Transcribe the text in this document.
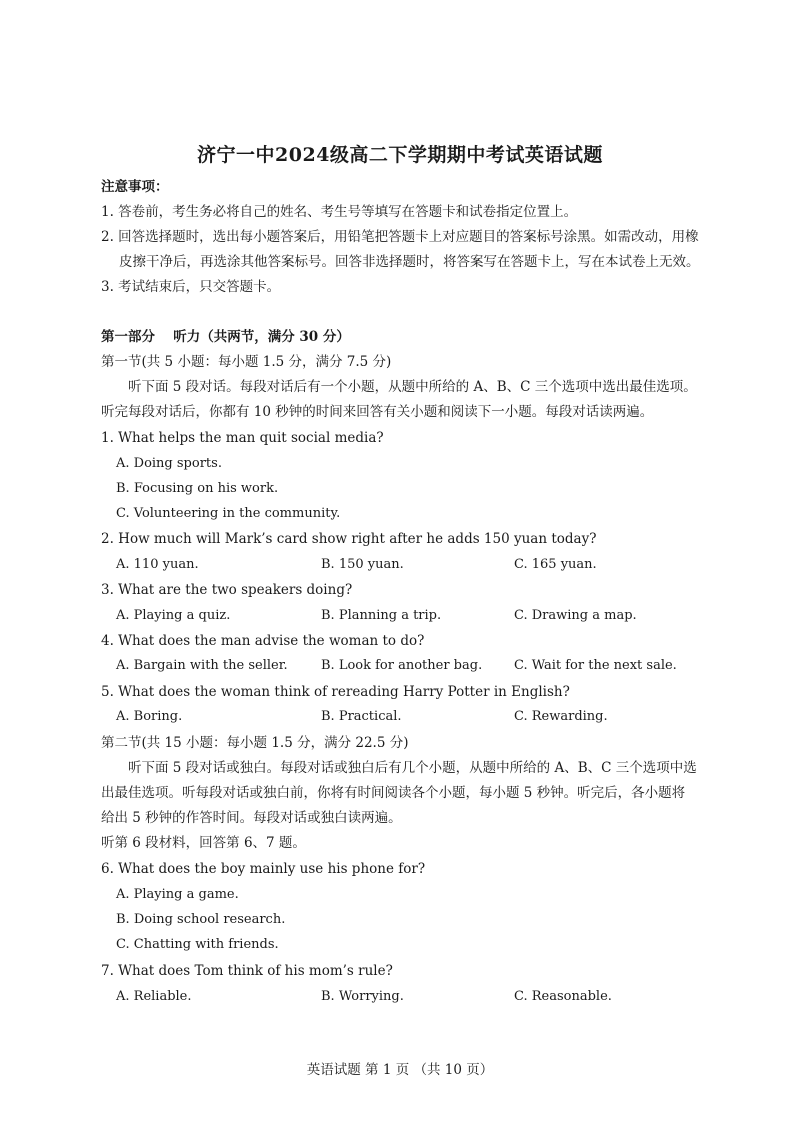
济宁一中2024级高二下学期期中考试英语试题
注意事项：
1. 答卷前，考生务必将自己的姓名、考生号等填写在答题卡和试卷指定位置上。
2. 回答选择题时，选出每小题答案后，用铅笔把答题卡上对应题目的答案标号涂黑。如需改动，用橡
皮擦干净后，再选涂其他答案标号。回答非选择题时，将答案写在答题卡上，写在本试卷上无效。
3. 考试结束后，只交答题卡。
第一部分　 听力（共两节，满分 30 分）
第一节(共 5 小题：每小题 1.5 分，满分 7.5 分)
听下面 5 段对话。每段对话后有一个小题，从题中所给的 A、B、C 三个选项中选出最佳选项。
听完每段对话后，你都有 10 秒钟的时间来回答有关小题和阅读下一小题。每段对话读两遍。
1. What helps the man quit social media?
A. Doing sports.
B. Focusing on his work.
C. Volunteering in the community.
2. How much will Mark’s card show right after he adds 150 yuan today?
A. 110 yuan.	B. 150 yuan.	C. 165 yuan.
3. What are the two speakers doing?
A. Playing a quiz.	B. Planning a trip.	C. Drawing a map.
4. What does the man advise the woman to do?
A. Bargain with the seller.	B. Look for another bag. C. Wait for the next sale.
5. What does the woman think of rereading Harry Potter in English?
A. Boring.	B. Practical.	C. Rewarding.
第二节(共 15 小题：每小题 1.5 分，满分 22.5 分)
听下面 5 段对话或独白。每段对话或独白后有几个小题，从题中所给的 A、B、C 三个选项中选
出最佳选项。听每段对话或独白前，你将有时间阅读各个小题，每小题 5 秒钟。听完后，各小题将
给出 5 秒钟的作答时间。每段对话或独白读两遍。
听第 6 段材料，回答第 6、7 题。
6. What does the boy mainly use his phone for?
A. Playing a game.
B. Doing school research.
C. Chatting with friends.
7. What does Tom think of his mom’s rule?
A. Reliable.	B. Worrying.	C. Reasonable.
英语试题 第 1 页 （共 10 页）
